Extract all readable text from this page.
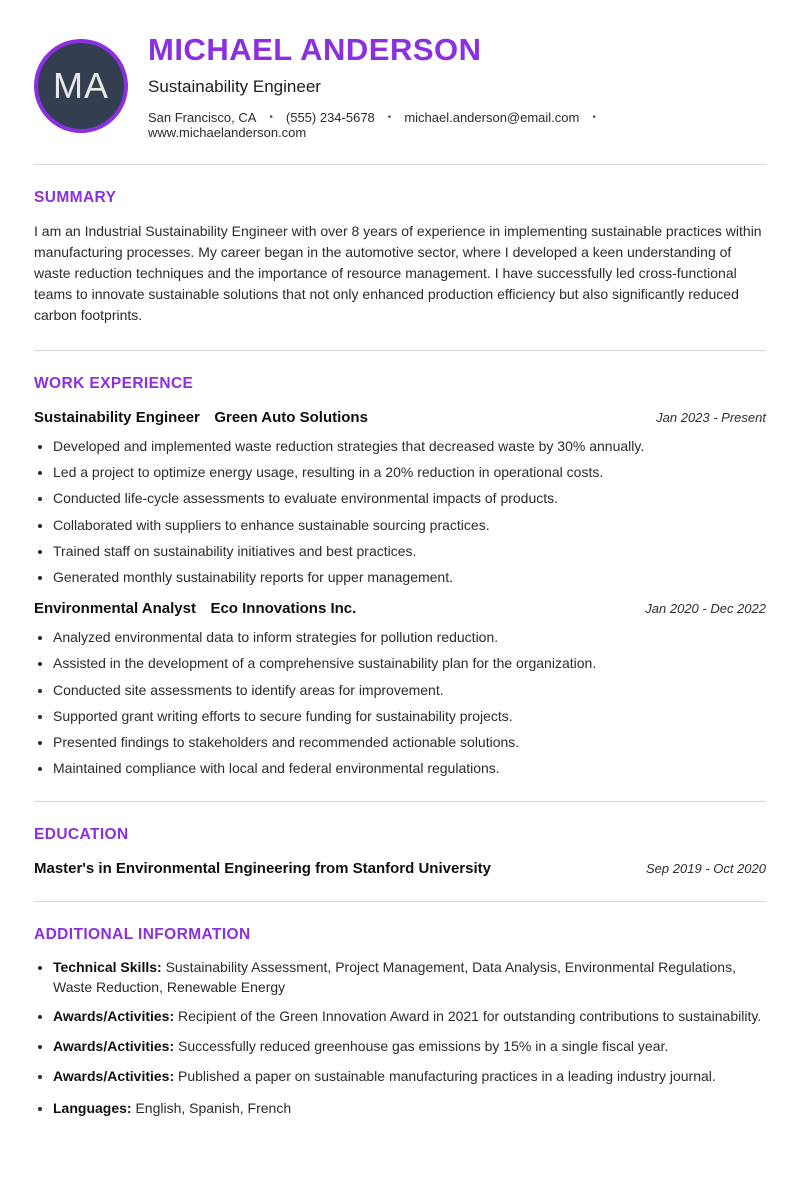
MA
MICHAEL ANDERSON
Sustainability Engineer
San Francisco, CA • (555) 234-5678 • michael.anderson@email.com •
www.michaelanderson.com
SUMMARY

I am an Industrial Sustainability Engineer with over 8 years of experience in implementing sustainable practices within manufacturing processes. My career began in the automotive sector, where I developed a keen understanding of waste reduction techniques and the importance of resource management. I have successfully led cross-functional teams to innovate sustainable solutions that not only enhanced production efficiency but also significantly reduced carbon footprints.

WORK EXPERIENCE
Sustainability Engineer Green Auto Solutions	Jan 2023 - Present
• Developed and implemented waste reduction strategies that decreased waste by 30% annually.
• Led a project to optimize energy usage, resulting in a 20% reduction in operational costs.
• Conducted life-cycle assessments to evaluate environmental impacts of products.
• Collaborated with suppliers to enhance sustainable sourcing practices.
• Trained staff on sustainability initiatives and best practices.
• Generated monthly sustainability reports for upper management.
Environmental Analyst Eco Innovations Inc.	Jan 2020 - Dec 2022
• Analyzed environmental data to inform strategies for pollution reduction.
• Assisted in the development of a comprehensive sustainability plan for the organization.
• Conducted site assessments to identify areas for improvement.
• Supported grant writing efforts to secure funding for sustainability projects.
• Presented findings to stakeholders and recommended actionable solutions.
• Maintained compliance with local and federal environmental regulations.
EDUCATION
Master's in Environmental Engineering from Stanford University	Sep 2019 - Oct 2020
ADDITIONAL INFORMATION
• Technical Skills: Sustainability Assessment, Project Management, Data Analysis, Environmental Regulations, Waste Reduction, Renewable Energy
• Awards/Activities: Recipient of the Green Innovation Award in 2021 for outstanding contributions to sustainability.
• Awards/Activities: Successfully reduced greenhouse gas emissions by 15% in a single fiscal year.
• Awards/Activities: Published a paper on sustainable manufacturing practices in a leading industry journal.
• Languages: English, Spanish, French
